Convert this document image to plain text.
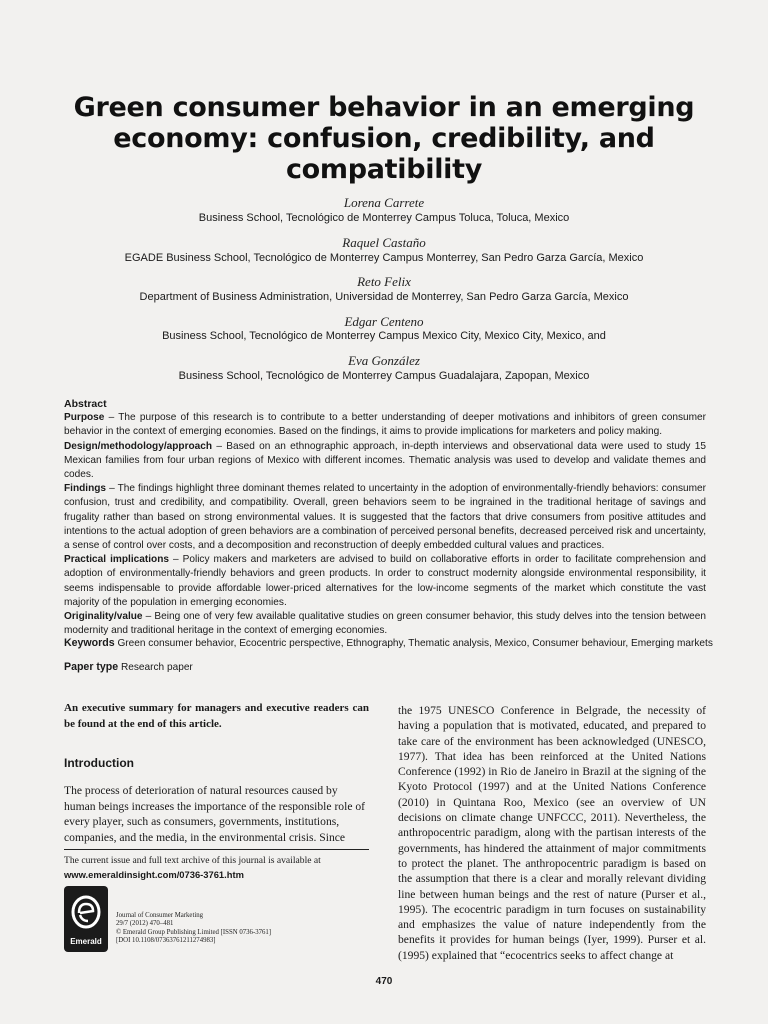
Green consumer behavior in an emerging economy: confusion, credibility, and compatibility
Lorena Carrete
Business School, Tecnológico de Monterrey Campus Toluca, Toluca, Mexico
Raquel Castaño
EGADE Business School, Tecnológico de Monterrey Campus Monterrey, San Pedro Garza García, Mexico
Reto Felix
Department of Business Administration, Universidad de Monterrey, San Pedro Garza García, Mexico
Edgar Centeno
Business School, Tecnológico de Monterrey Campus Mexico City, Mexico City, Mexico, and
Eva González
Business School, Tecnológico de Monterrey Campus Guadalajara, Zapopan, Mexico

Abstract

Purpose – The purpose of this research is to contribute to a better understanding of deeper motivations and inhibitors of green consumer behavior in the context of emerging economies. Based on the findings, it aims to provide implications for marketers and policy making.

Design/methodology/approach – Based on an ethnographic approach, in-depth interviews and observational data were used to study 15 Mexican families from four urban regions of Mexico with different incomes. Thematic analysis was used to develop and validate themes and codes.

Findings – The findings highlight three dominant themes related to uncertainty in the adoption of environmentally-friendly behaviors: consumer confusion, trust and credibility, and compatibility. Overall, green behaviors seem to be ingrained in the traditional heritage of savings and frugality rather than based on strong environmental values. It is suggested that the factors that drive consumers from positive attitudes and intentions to the actual adoption of green behaviors are a combination of perceived personal benefits, decreased perceived risk and uncertainty, a sense of control over costs, and a decomposition and reconstruction of deeply embedded cultural values and practices.

Practical implications – Policy makers and marketers are advised to build on collaborative efforts in order to facilitate comprehension and adoption of environmentally-friendly behaviors and green products. In order to construct modernity alongside environmental responsibility, it seems indispensable to provide affordable lower-priced alternatives for the low-income segments of the market which constitute the vast majority of the population in emerging economies.

Originality/value – Being one of very few available qualitative studies on green consumer behavior, this study delves into the tension between modernity and traditional heritage in the context of emerging economies.

Keywords Green consumer behavior, Ecocentric perspective, Ethnography, Thematic analysis, Mexico, Consumer behaviour, Emerging markets
Paper type Research paper

An executive summary for managers and executive readers can be found at the end of this article.

Introduction

The process of deterioration of natural resources caused by human beings increases the importance of the responsible role of every player, such as consumers, governments, institutions, companies, and the media, in the environmental crisis. Since

The current issue and full text archive of this journal is available at
www.emeraldinsight.com/0736-3761.htm
Emerald
Journal of Consumer Marketing
29/7 (2012) 470–481
© Emerald Group Publishing Limited [ISSN 0736-3761]
[DOI 10.1108/07363761211274983]

the 1975 UNESCO Conference in Belgrade, the necessity of having a population that is motivated, educated, and prepared to take care of the environment has been acknowledged (UNESCO, 1977). That idea has been reinforced at the United Nations Conference (1992) in Rio de Janeiro in Brazil at the signing of the Kyoto Protocol (1997) and at the United Nations Conference (2010) in Quintana Roo, Mexico (see an overview of UN decisions on climate change UNFCCC, 2011). Nevertheless, the anthropocentric paradigm, along with the partisan interests of the governments, has hindered the attainment of major commitments to protect the planet. The anthropocentric paradigm is based on the assumption that there is a clear and morally relevant dividing line between human beings and the rest of nature (Purser et al., 1995). The ecocentric paradigm in turn focuses on sustainability and emphasizes the value of nature independently from the benefits it provides for human beings (Iyer, 1999). Purser et al. (1995) explained that “ecocentrics seeks to affect change at

470
